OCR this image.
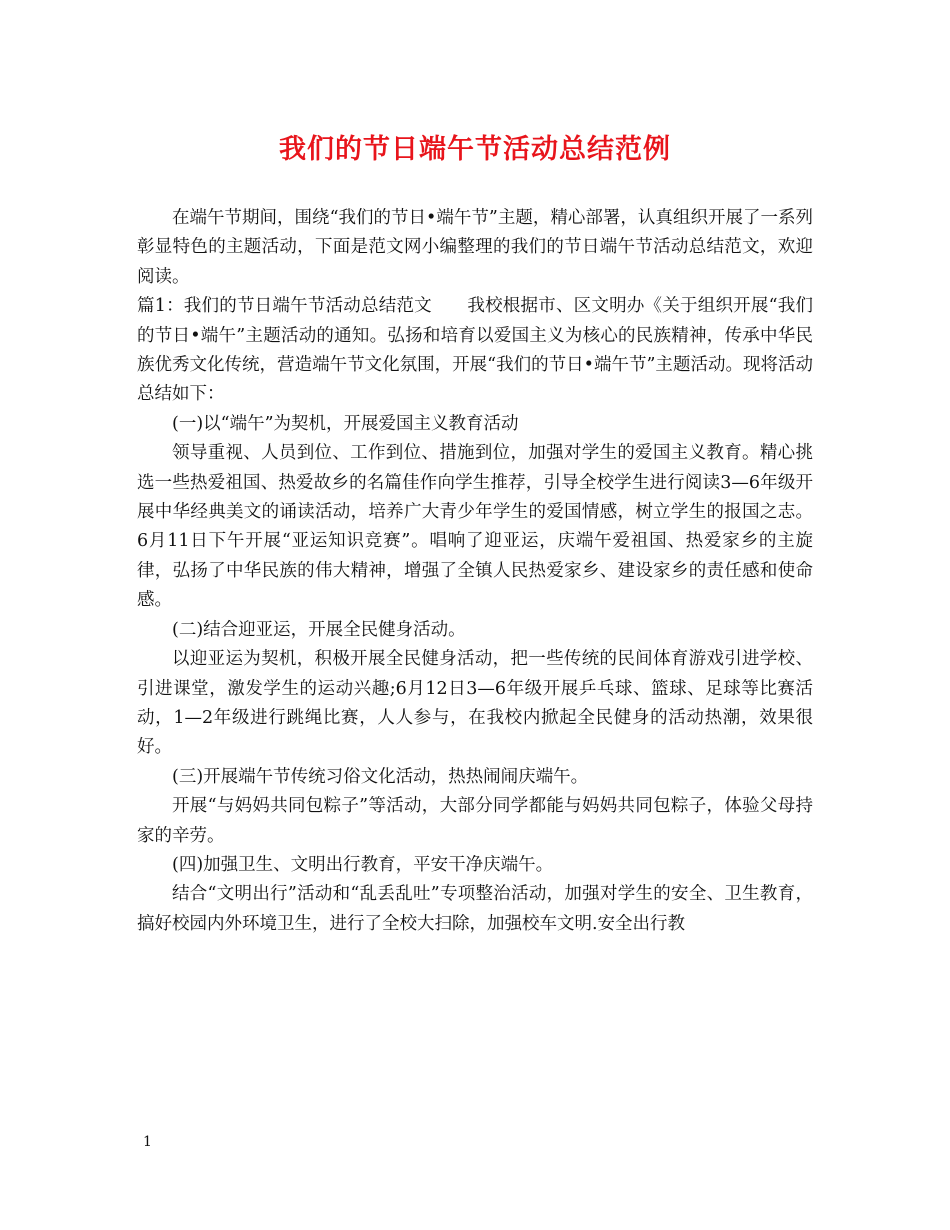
我们的节日端午节活动总结范例

在端午节期间，围绕“我们的节日•端午节”主题，精心部署，认真组织开展了一系列彰显特色的主题活动，下面是范文网小编整理的我们的节日端午节活动总结范文，欢迎阅读。

篇1：我们的节日端午节活动总结范文　　我校根据市、区文明办《关于组织开展“我们的节日•端午”主题活动的通知。弘扬和培育以爱国主义为核心的民族精神，传承中华民族优秀文化传统，营造端午节文化氛围，开展“我们的节日•端午节”主题活动。现将活动总结如下：

(一)以“端午”为契机，开展爱国主义教育活动

领导重视、人员到位、工作到位、措施到位，加强对学生的爱国主义教育。精心挑选一些热爱祖国、热爱故乡的名篇佳作向学生推荐，引导全校学生进行阅读3—6年级开展中华经典美文的诵读活动，培养广大青少年学生的爱国情感，树立学生的报国之志。6月11日下午开展“亚运知识竞赛”。唱响了迎亚运，庆端午爱祖国、热爱家乡的主旋律，弘扬了中华民族的伟大精神，增强了全镇人民热爱家乡、建设家乡的责任感和使命感。

(二)结合迎亚运，开展全民健身活动。

以迎亚运为契机，积极开展全民健身活动，把一些传统的民间体育游戏引进学校、引进课堂，激发学生的运动兴趣;6月12日3—6年级开展乒乓球、篮球、足球等比赛活动，1—2年级进行跳绳比赛，人人参与，在我校内掀起全民健身的活动热潮，效果很好。

(三)开展端午节传统习俗文化活动，热热闹闹庆端午。

开展“与妈妈共同包粽子”等活动，大部分同学都能与妈妈共同包粽子，体验父母持家的辛劳。

(四)加强卫生、文明出行教育，平安干净庆端午。

结合“文明出行”活动和“乱丢乱吐”专项整治活动，加强对学生的安全、卫生教育，搞好校园内外环境卫生，进行了全校大扫除，加强校车文明.安全出行教

1
